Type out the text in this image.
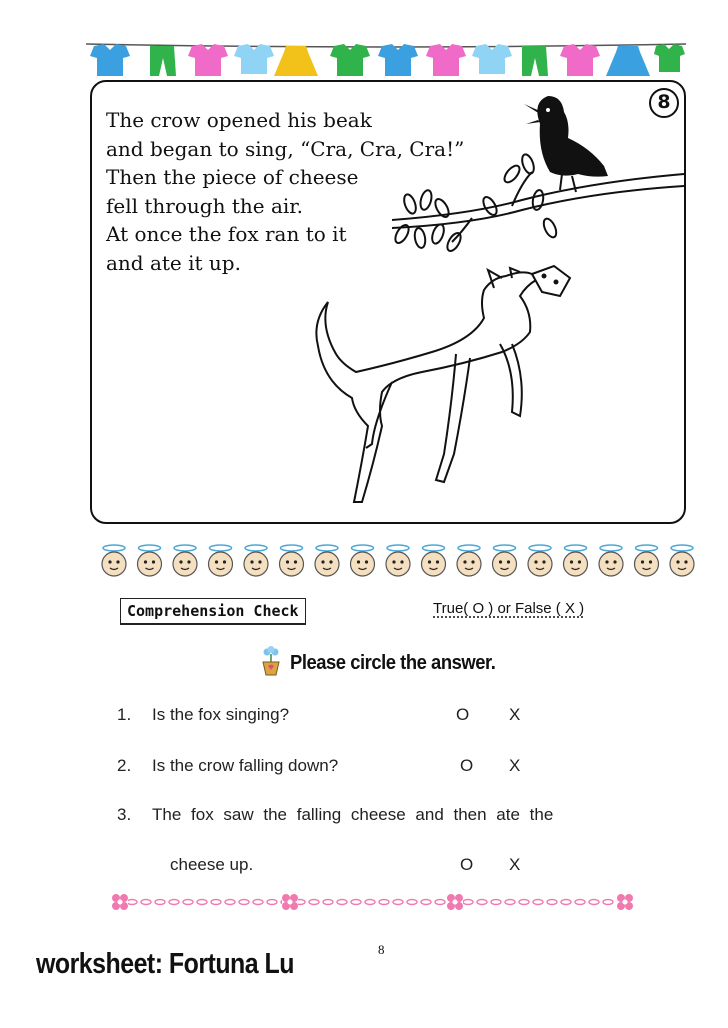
The crow opened his beak
and began to sing, “Cra, Cra, Cra!”
Then the piece of cheese
fell through the air.
At once the fox ran to it
and ate it up.
8
Comprehension Check	True( O ) or False ( X )
Please circle the answer.
1. Is the fox singing?	O X
2. Is the crow falling down?	O X
3. The fox saw the falling cheese and then ate the
cheese up.	O X
8
worksheet: Fortuna Lu
